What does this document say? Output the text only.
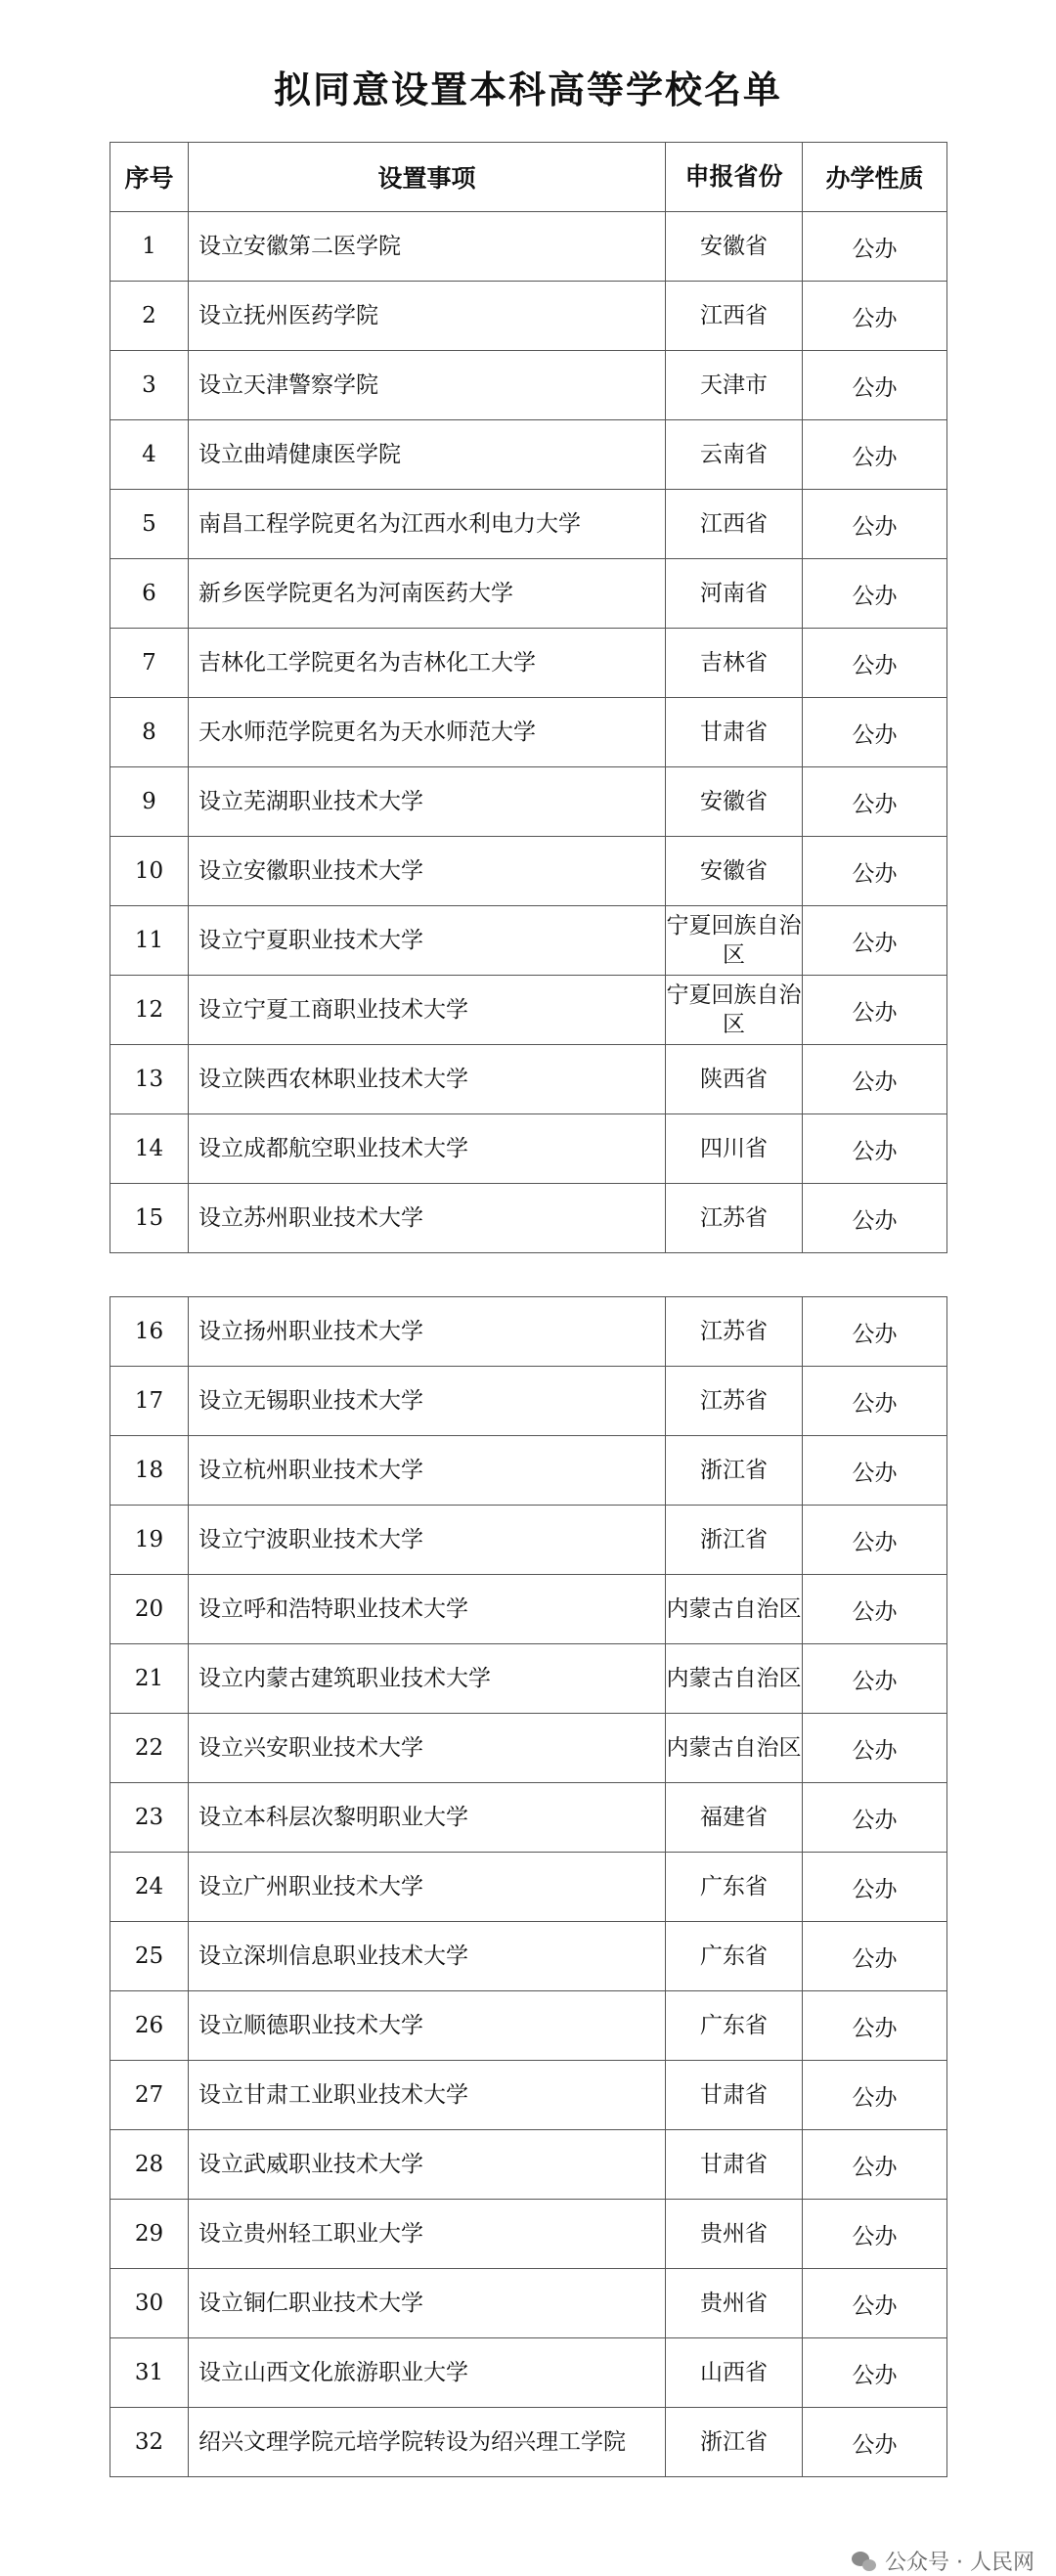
拟同意设置本科高等学校名单
序号	设置事项	申报省份	办学性质
1	设立安徽第二医学院	安徽省	公办
2	设立抚州医药学院	江西省	公办
3	设立天津警察学院	天津市	公办
4	设立曲靖健康医学院	云南省	公办
5	南昌工程学院更名为江西水利电力大学	江西省	公办
6	新乡医学院更名为河南医药大学	河南省	公办
7	吉林化工学院更名为吉林化工大学	吉林省	公办
8	天水师范学院更名为天水师范大学	甘肃省	公办
9	设立芜湖职业技术大学	安徽省	公办
10	设立安徽职业技术大学	安徽省	公办
11	设立宁夏职业技术大学	宁夏回族自治区	公办
12	设立宁夏工商职业技术大学	宁夏回族自治区	公办
13	设立陕西农林职业技术大学	陕西省	公办
14	设立成都航空职业技术大学	四川省	公办
15	设立苏州职业技术大学	江苏省	公办
16	设立扬州职业技术大学	江苏省	公办
17	设立无锡职业技术大学	江苏省	公办
18	设立杭州职业技术大学	浙江省	公办
19	设立宁波职业技术大学	浙江省	公办
20	设立呼和浩特职业技术大学	内蒙古自治区	公办
21	设立内蒙古建筑职业技术大学	内蒙古自治区	公办
22	设立兴安职业技术大学	内蒙古自治区	公办
23	设立本科层次黎明职业大学	福建省	公办
24	设立广州职业技术大学	广东省	公办
25	设立深圳信息职业技术大学	广东省	公办
26	设立顺德职业技术大学	广东省	公办
27	设立甘肃工业职业技术大学	甘肃省	公办
28	设立武威职业技术大学	甘肃省	公办
29	设立贵州轻工职业大学	贵州省	公办
30	设立铜仁职业技术大学	贵州省	公办
31	设立山西文化旅游职业大学	山西省	公办
32	绍兴文理学院元培学院转设为绍兴理工学院	浙江省	公办
公众号 · 人民网
